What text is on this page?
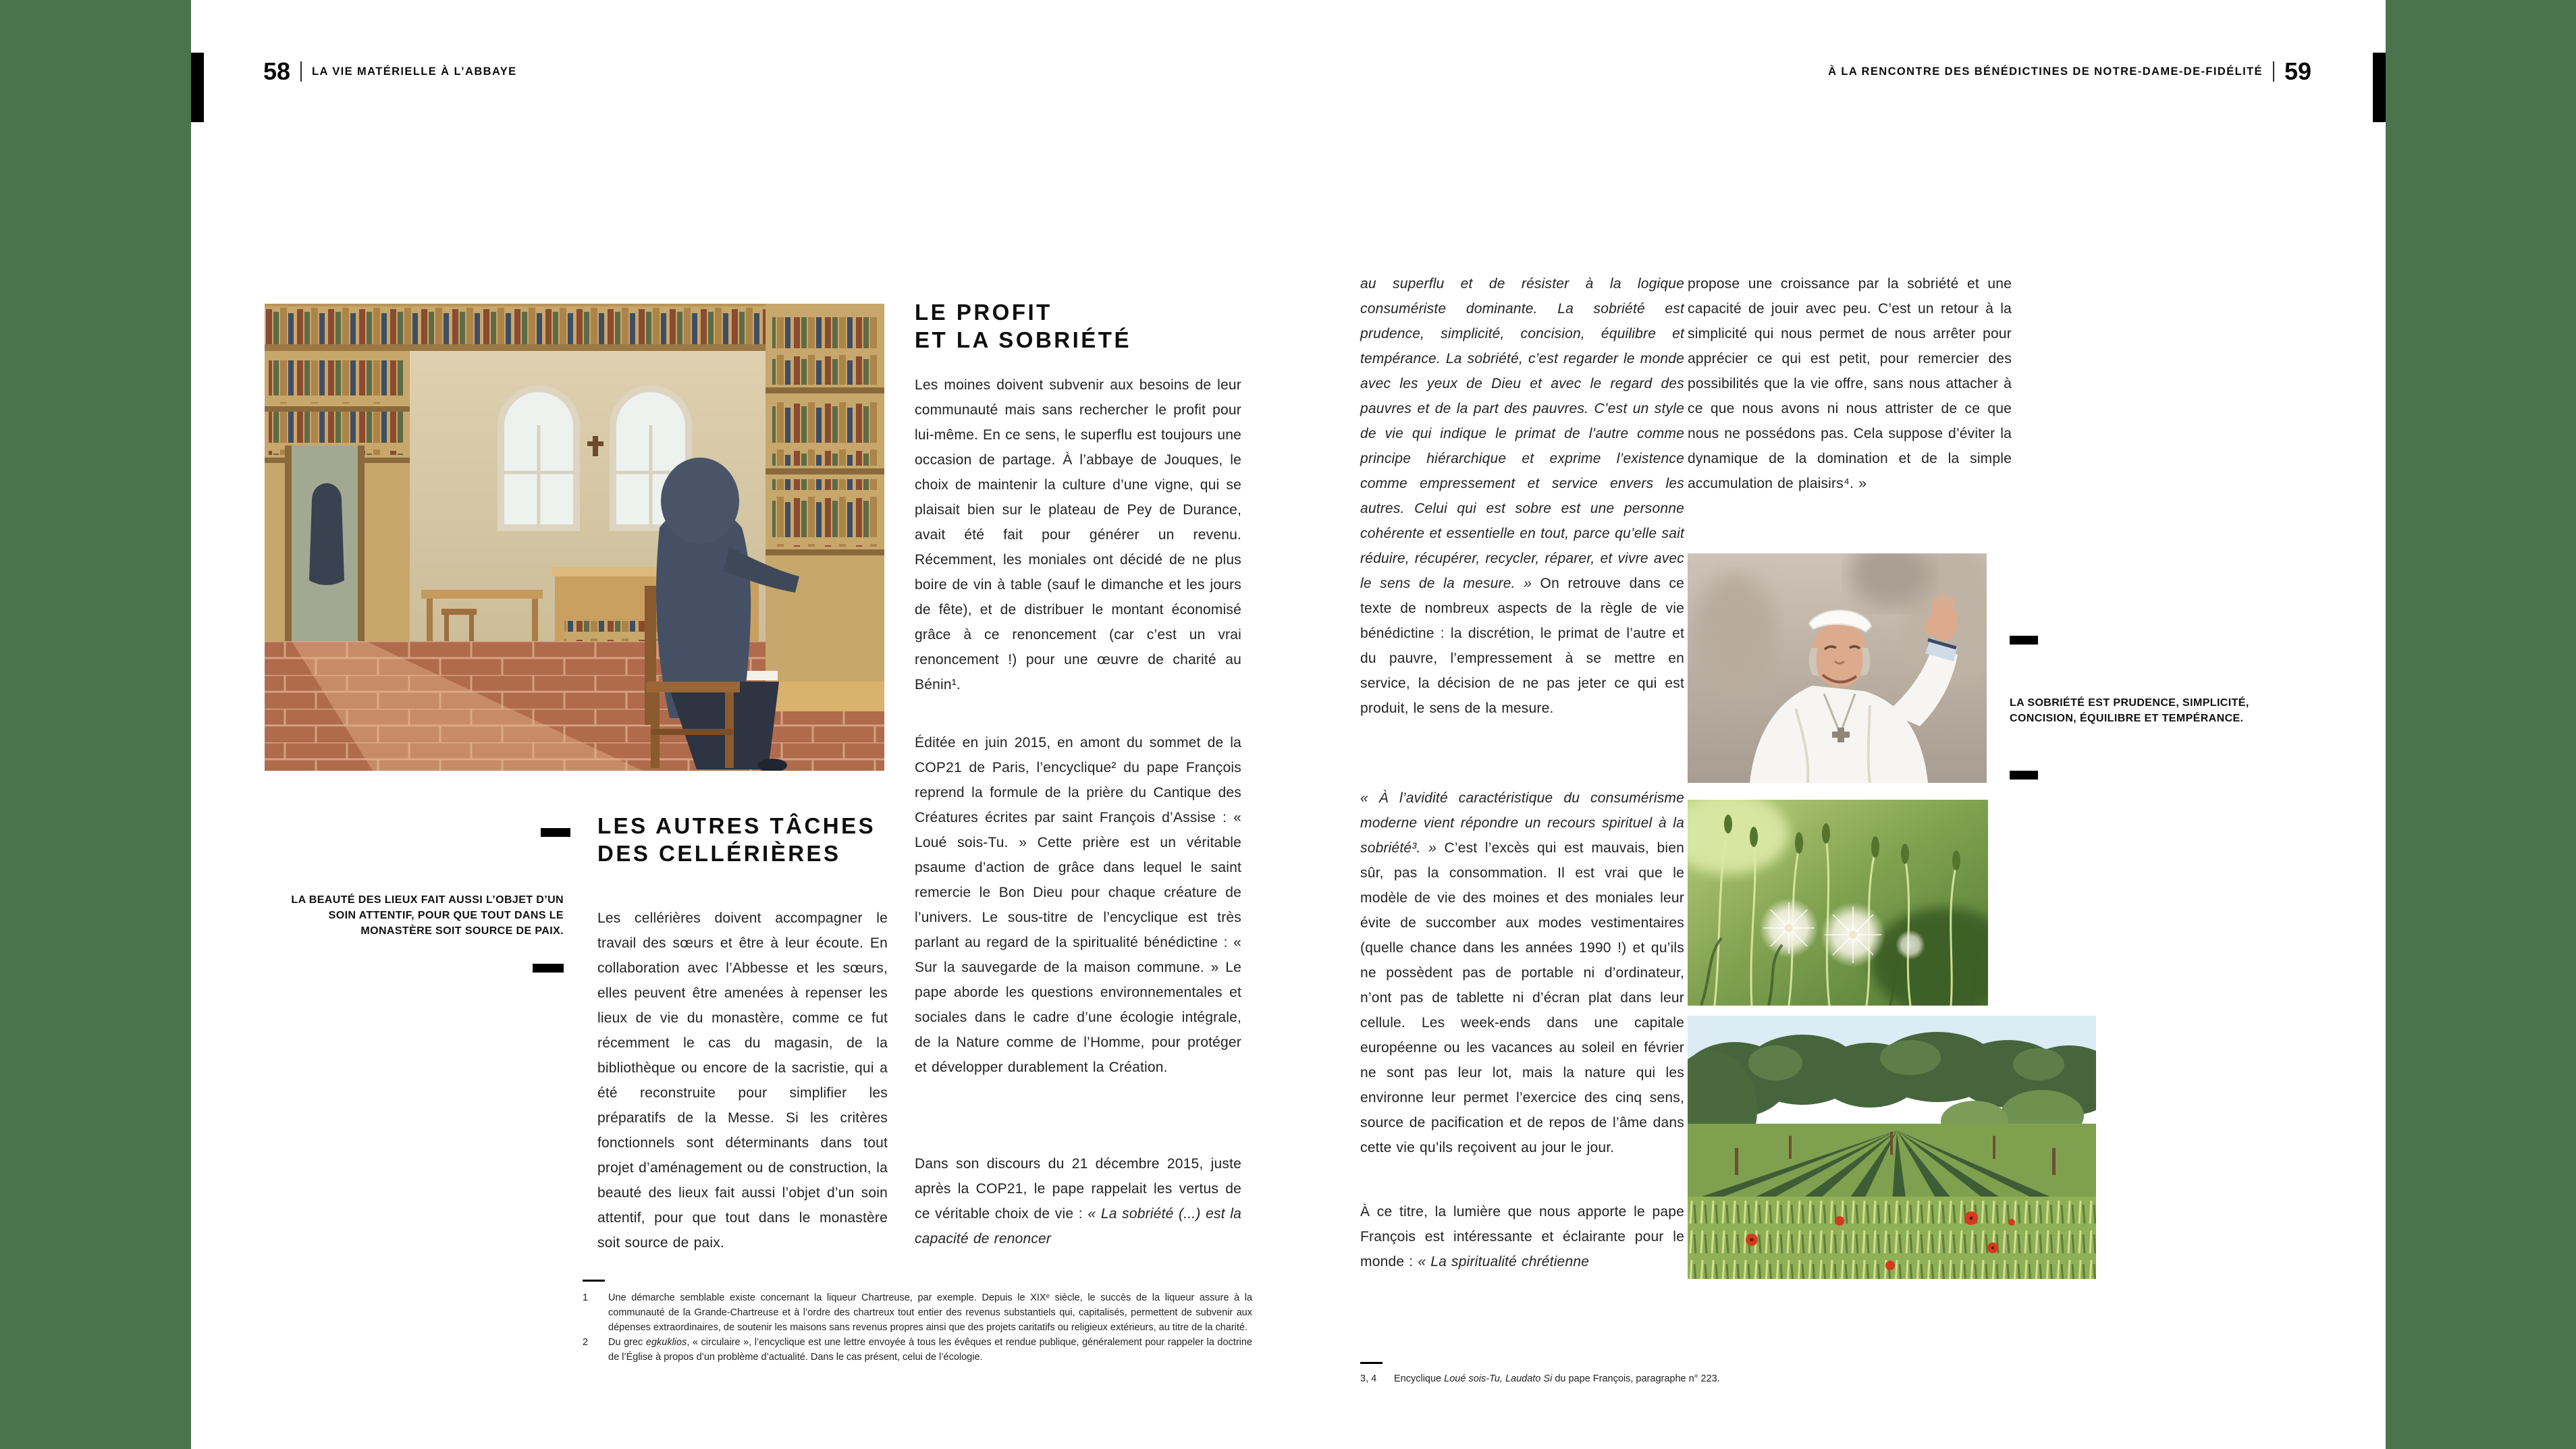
58 LA VIE MATÉRIELLE À L’ABBAYE	À LA RENCONTRE DES BÉNÉDICTINES DE NOTRE-DAME-DE-FIDÉLITÉ 59
LA BEAUTÉ DES LIEUX FAIT AUSSI L’OBJET D’UN SOIN ATTENTIF, POUR QUE TOUT DANS LE MONASTÈRE SOIT SOURCE DE PAIX.
LES AUTRES TÂCHES
DES CELLÉRIÈRES
Les cellérières doivent accompagner le travail des sœurs et être à leur écoute. En collaboration avec l’Abbesse et les sœurs, elles peuvent être amenées à repenser les lieux de vie du monastère, comme ce fut récemment le cas du magasin, de la bibliothèque ou encore de la sacristie, qui a été reconstruite pour simplifier les préparatifs de la Messe. Si les critères fonctionnels sont déterminants dans tout projet d’aménagement ou de construction, la beauté des lieux fait aussi l’objet d’un soin attentif, pour que tout dans le monastère soit source de paix.
LE PROFIT
ET LA SOBRIÉTÉ
Les moines doivent subvenir aux besoins de leur communauté mais sans rechercher le profit pour lui-même. En ce sens, le superflu est toujours une occasion de partage. À l’abbaye de Jouques, le choix de maintenir la culture d’une vigne, qui se plaisait bien sur le plateau de Pey de Durance, avait été fait pour générer un revenu. Récemment, les moniales ont décidé de ne plus boire de vin à table (sauf le dimanche et les jours de fête), et de distribuer le montant économisé grâce à ce renoncement (car c’est un vrai renoncement !) pour une œuvre de charité au Bénin¹.
Éditée en juin 2015, en amont du sommet de la COP21 de Paris, l’encyclique² du pape François reprend la formule de la prière du Cantique des Créatures écrites par saint François d’Assise : « Loué sois-Tu. » Cette prière est un véritable psaume d’action de grâce dans lequel le saint remercie le Bon Dieu pour chaque créature de l’univers. Le sous-titre de l’encyclique est très parlant au regard de la spiritualité bénédictine : « Sur la sauvegarde de la maison commune. » Le pape aborde les questions environnementales et sociales dans le cadre d’une écologie intégrale, de la Nature comme de l’Homme, pour protéger et développer durablement la Création.
Dans son discours du 21 décembre 2015, juste après la COP21, le pape rappelait les vertus de ce véritable choix de vie : « La sobriété (...) est la capacité de renoncer
1	Une démarche semblable existe concernant la liqueur Chartreuse, par exemple. Depuis le XIXᵉ siècle, le succès de la liqueur assure à la communauté de la Grande-Chartreuse et à l’ordre des chartreux tout entier des revenus substantiels qui, capitalisés, permettent de subvenir aux dépenses extraordinaires, de soutenir les maisons sans revenus propres ainsi que des projets caritatifs ou religieux extérieurs, au titre de la charité.
2	Du grec egkuklios, « circulaire », l’encyclique est une lettre envoyée à tous les évêques et rendue publique, généralement pour rappeler la doctrine de l’Église à propos d’un problème d’actualité. Dans le cas présent, celui de l’écologie.
au superflu et de résister à la logique consumériste dominante. La sobriété est prudence, simplicité, concision, équilibre et tempérance. La sobriété, c’est regarder le monde avec les yeux de Dieu et avec le regard des pauvres et de la part des pauvres. C’est un style de vie qui indique le primat de l’autre comme principe hiérarchique et exprime l’existence comme empressement et service envers les autres. Celui qui est sobre est une personne cohérente et essentielle en tout, parce qu’elle sait réduire, récupérer, recycler, réparer, et vivre avec le sens de la mesure. » On retrouve dans ce texte de nombreux aspects de la règle de vie bénédictine : la discrétion, le primat de l’autre et du pauvre, l’empressement à se mettre en service, la décision de ne pas jeter ce qui est produit, le sens de la mesure.
« À l’avidité caractéristique du consumérisme moderne vient répondre un recours spirituel à la sobriété³. » C’est l’excès qui est mauvais, bien sûr, pas la consommation. Il est vrai que le modèle de vie des moines et des moniales leur évite de succomber aux modes vestimentaires (quelle chance dans les années 1990 !) et qu’ils ne possèdent pas de portable ni d’ordinateur, n’ont pas de tablette ni d’écran plat dans leur cellule. Les week-ends dans une capitale européenne ou les vacances au soleil en février ne sont pas leur lot, mais la nature qui les environne leur permet l’exercice des cinq sens, source de pacification et de repos de l’âme dans cette vie qu’ils reçoivent au jour le jour.
À ce titre, la lumière que nous apporte le pape François est intéressante et éclairante pour le monde : « La spiritualité chrétienne
propose une croissance par la sobriété et une capacité de jouir avec peu. C’est un retour à la simplicité qui nous permet de nous arrêter pour apprécier ce qui est petit, pour remercier des possibilités que la vie offre, sans nous attacher à ce que nous avons ni nous attrister de ce que nous ne possédons pas. Cela suppose d’éviter la dynamique de la domination et de la simple accumulation de plaisirs⁴. »
LA SOBRIÉTÉ EST PRUDENCE, SIMPLICITÉ, CONCISION, ÉQUILIBRE ET TEMPÉRANCE.
3, 4	Encyclique Loué sois-Tu, Laudato Si du pape François, paragraphe n° 223.
